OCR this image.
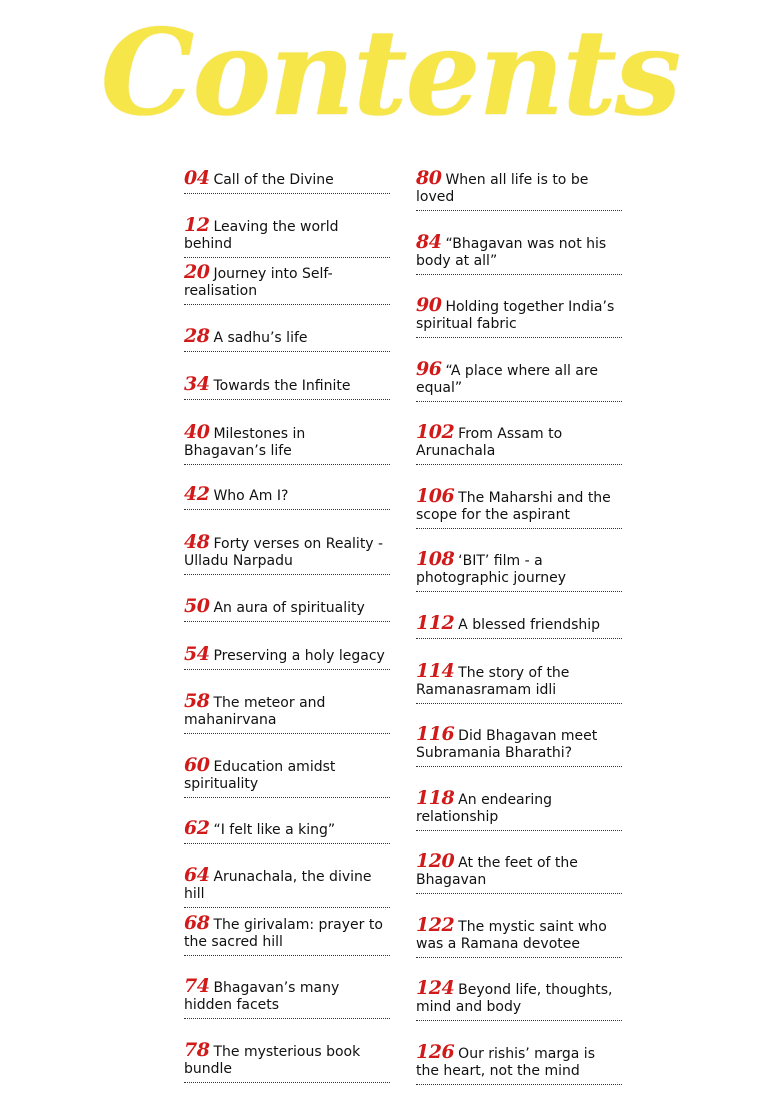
Contents
04 Call of the Divine
12 Leaving the world behind
20 Journey into Self-realisation
28 A sadhu’s life
34 Towards the Infinite
40 Milestones in Bhagavan’s life
42 Who Am I?
48 Forty verses on Reality - Ulladu Narpadu
50 An aura of spirituality
54 Preserving a holy legacy
58 The meteor and mahanirvana
60 Education amidst spirituality
62 “I felt like a king”
64 Arunachala, the divine hill
68 The girivalam: prayer to the sacred hill
74 Bhagavan’s many hidden facets
78 The mysterious book bundle
80 When all life is to be loved
84 “Bhagavan was not his body at all”
90 Holding together India’s spiritual fabric
96 “A place where all are equal”
102 From Assam to Arunachala
106 The Maharshi and the scope for the aspirant
108 ‘BIT’ film - a photographic journey
112 A blessed friendship
114 The story of the Ramanasramam idli
116 Did Bhagavan meet Subramania Bharathi?
118 An endearing relationship
120 At the feet of the Bhagavan
122 The mystic saint who was a Ramana devotee
124 Beyond life, thoughts, mind and body
126 Our rishis’ marga is the heart, not the mind
